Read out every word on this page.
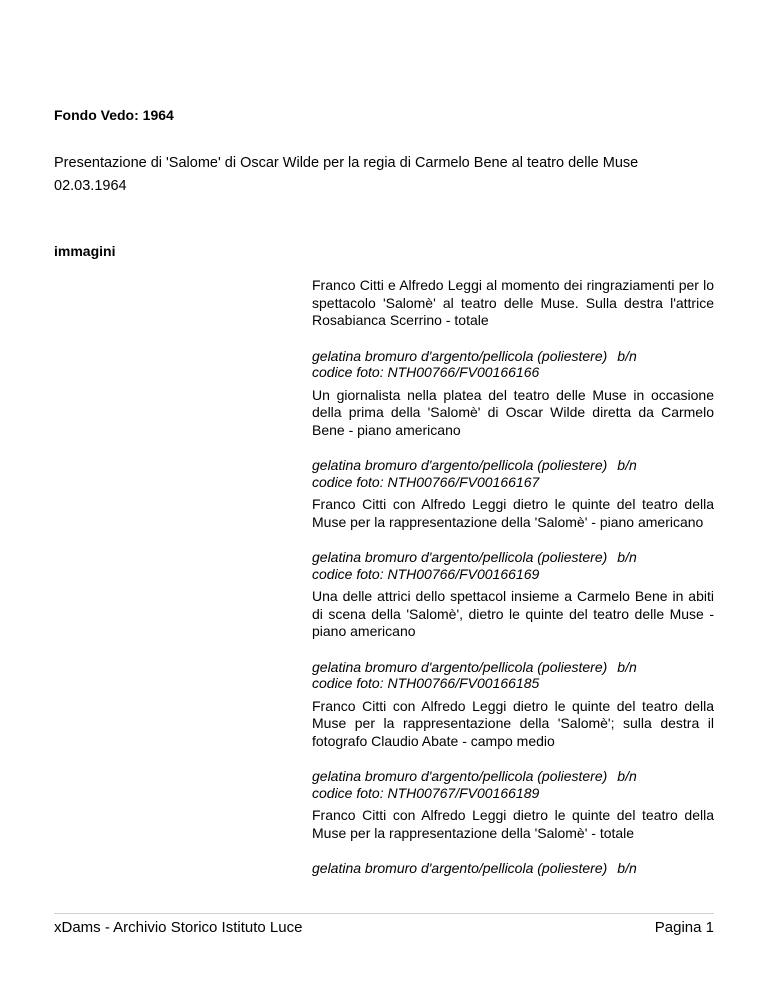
Fondo Vedo: 1964
Presentazione di 'Salome' di Oscar Wilde per la regia di Carmelo Bene al teatro delle Muse
02.03.1964
immagini
Franco Citti e Alfredo Leggi al momento dei ringraziamenti per lo spettacolo 'Salomè' al teatro delle Muse. Sulla destra l'attrice Rosabianca Scerrino - totale
gelatina bromuro d'argento/pellicola (poliestere) b/n
codice foto: NTH00766/FV00166166
Un giornalista nella platea del teatro delle Muse in occasione della prima della 'Salomè' di Oscar Wilde diretta da Carmelo Bene - piano americano
gelatina bromuro d'argento/pellicola (poliestere) b/n
codice foto: NTH00766/FV00166167
Franco Citti con Alfredo Leggi dietro le quinte del teatro della Muse per la rappresentazione della 'Salomè' - piano americano
gelatina bromuro d'argento/pellicola (poliestere) b/n
codice foto: NTH00766/FV00166169
Una delle attrici dello spettacol insieme a Carmelo Bene in abiti di scena della 'Salomè', dietro le quinte del teatro delle Muse - piano americano
gelatina bromuro d'argento/pellicola (poliestere) b/n
codice foto: NTH00766/FV00166185
Franco Citti con Alfredo Leggi dietro le quinte del teatro della Muse per la rappresentazione della 'Salomè'; sulla destra il fotografo Claudio Abate - campo medio
gelatina bromuro d'argento/pellicola (poliestere) b/n
codice foto: NTH00767/FV00166189
Franco Citti con Alfredo Leggi dietro le quinte del teatro della Muse per la rappresentazione della 'Salomè' - totale
gelatina bromuro d'argento/pellicola (poliestere) b/n
xDams - Archivio Storico Istituto Luce	Pagina 1
